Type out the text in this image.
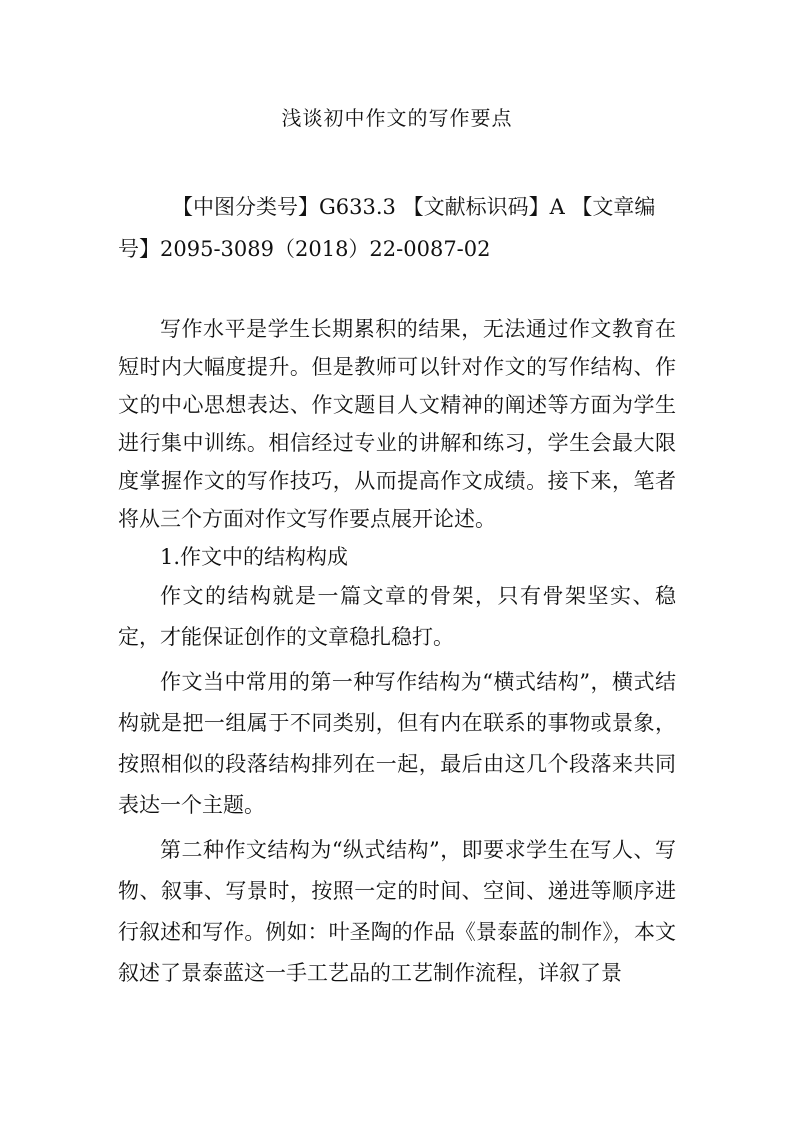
浅谈初中作文的写作要点
【中图分类号】G633.3 【文献标识码】A 【文章编
号】2095-3089（2018）22-0087-02

写作水平是学生长期累积的结果，无法通过作文教育在短时内大幅度提升。但是教师可以针对作文的写作结构、作文的中心思想表达、作文题目人文精神的阐述等方面为学生进行集中训练。相信经过专业的讲解和练习，学生会最大限度掌握作文的写作技巧，从而提高作文成绩。接下来，笔者将从三个方面对作文写作要点展开论述。

1.作文中的结构构成

作文的结构就是一篇文章的骨架，只有骨架坚实、稳定，才能保证创作的文章稳扎稳打。

作文当中常用的第一种写作结构为“横式结构”，横式结构就是把一组属于不同类别，但有内在联系的事物或景象，按照相似的段落结构排列在一起，最后由这几个段落来共同表达一个主题。

第二种作文结构为“纵式结构”，即要求学生在写人、写物、叙事、写景时，按照一定的时间、空间、递进等顺序进行叙述和写作。例如：叶圣陶的作品《景泰蓝的制作》，本文叙述了景泰蓝这一手工艺品的工艺制作流程，详叙了景
